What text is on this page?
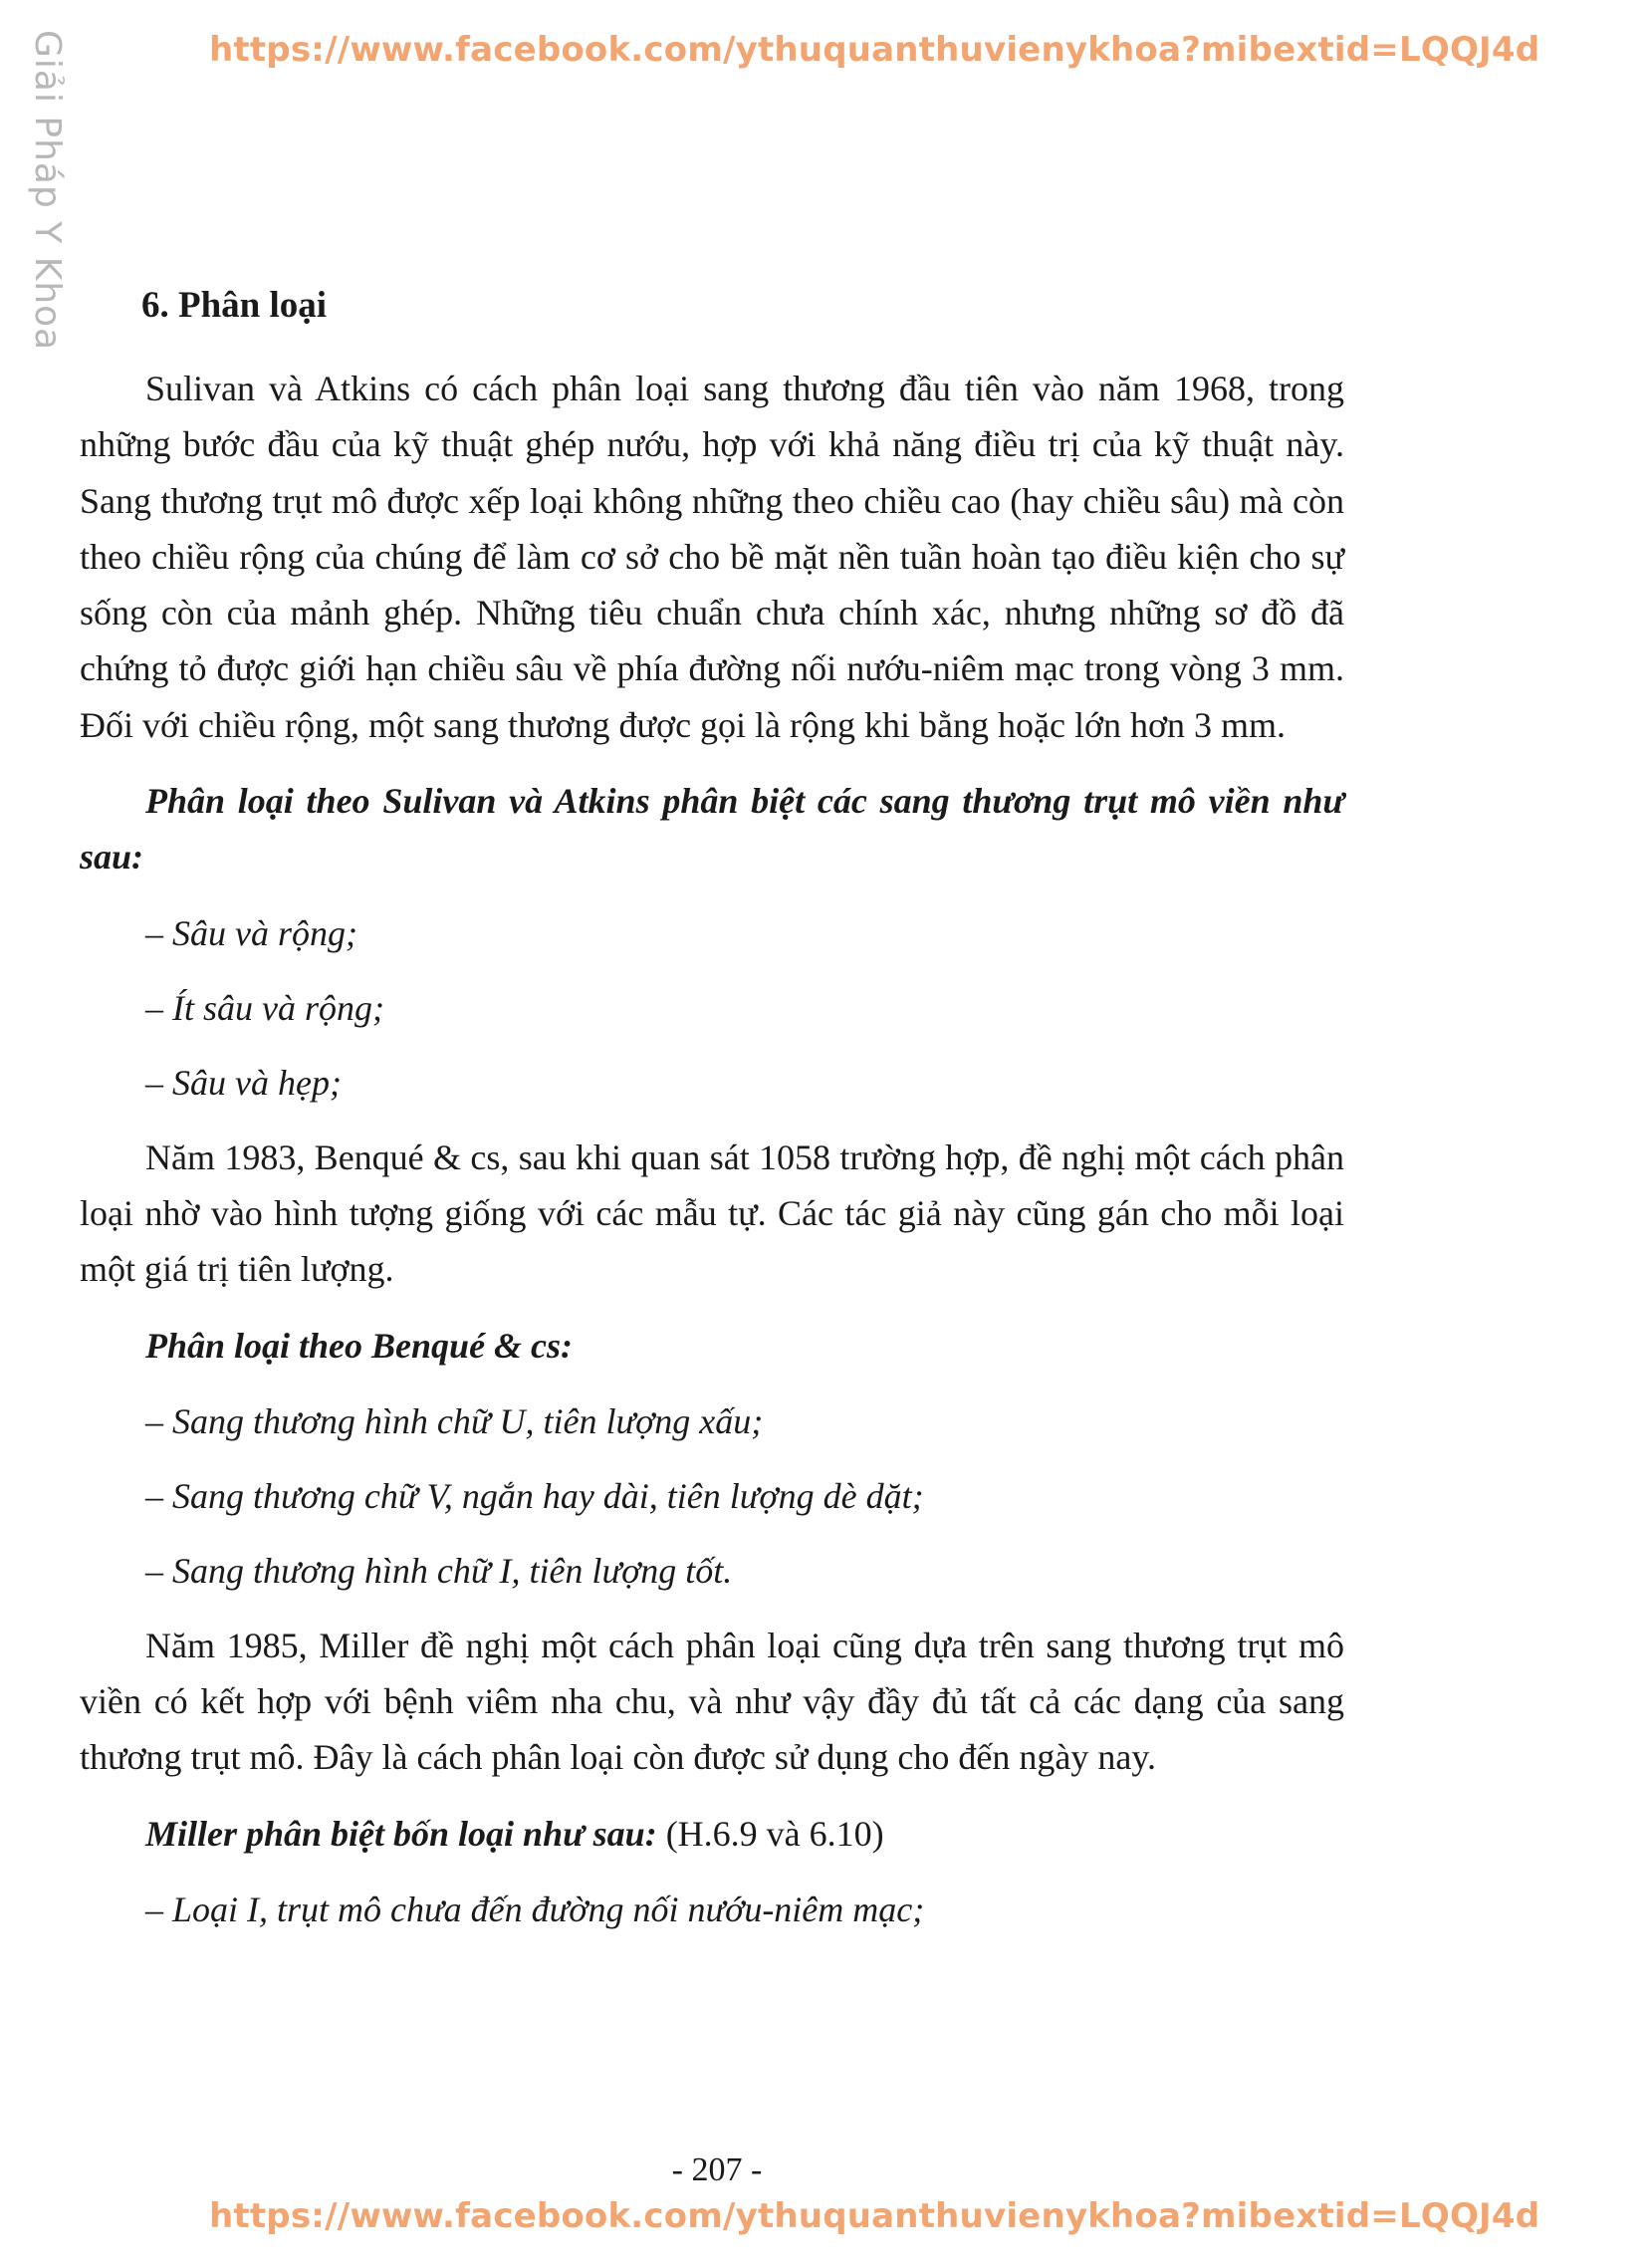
Giải Pháp Y Khoa	https://www.facebook.com/ythuquanthuvienykhoa?mibextid=LQQJ4d
6. Phân loại

Sulivan và Atkins có cách phân loại sang thương đầu tiên vào năm 1968, trong những bước đầu của kỹ thuật ghép nướu, hợp với khả năng điều trị của kỹ thuật này. Sang thương trụt mô được xếp loại không những theo chiều cao (hay chiều sâu) mà còn theo chiều rộng của chúng để làm cơ sở cho bề mặt nền tuần hoàn tạo điều kiện cho sự sống còn của mảnh ghép. Những tiêu chuẩn chưa chính xác, nhưng những sơ đồ đã chứng tỏ được giới hạn chiều sâu về phía đường nối nướu-niêm mạc trong vòng 3 mm. Đối với chiều rộng, một sang thương được gọi là rộng khi bằng hoặc lớn hơn 3 mm.

Phân loại theo Sulivan và Atkins phân biệt các sang thương trụt mô viền như sau:

– Sâu và rộng;
– Ít sâu và rộng;
– Sâu và hẹp;

Năm 1983, Benqué & cs, sau khi quan sát 1058 trường hợp, đề nghị một cách phân loại nhờ vào hình tượng giống với các mẫu tự. Các tác giả này cũng gán cho mỗi loại một giá trị tiên lượng.

Phân loại theo Benqué & cs:

– Sang thương hình chữ U, tiên lượng xấu;
– Sang thương chữ V, ngắn hay dài, tiên lượng dè dặt;
– Sang thương hình chữ I, tiên lượng tốt.

Năm 1985, Miller đề nghị một cách phân loại cũng dựa trên sang thương trụt mô viền có kết hợp với bệnh viêm nha chu, và như vậy đầy đủ tất cả các dạng của sang thương trụt mô. Đây là cách phân loại còn được sử dụng cho đến ngày nay.

Miller phân biệt bốn loại như sau: (H.6.9 và 6.10)

– Loại I, trụt mô chưa đến đường nối nướu-niêm mạc;
- 207 -
https://www.facebook.com/ythuquanthuvienykhoa?mibextid=LQQJ4d
